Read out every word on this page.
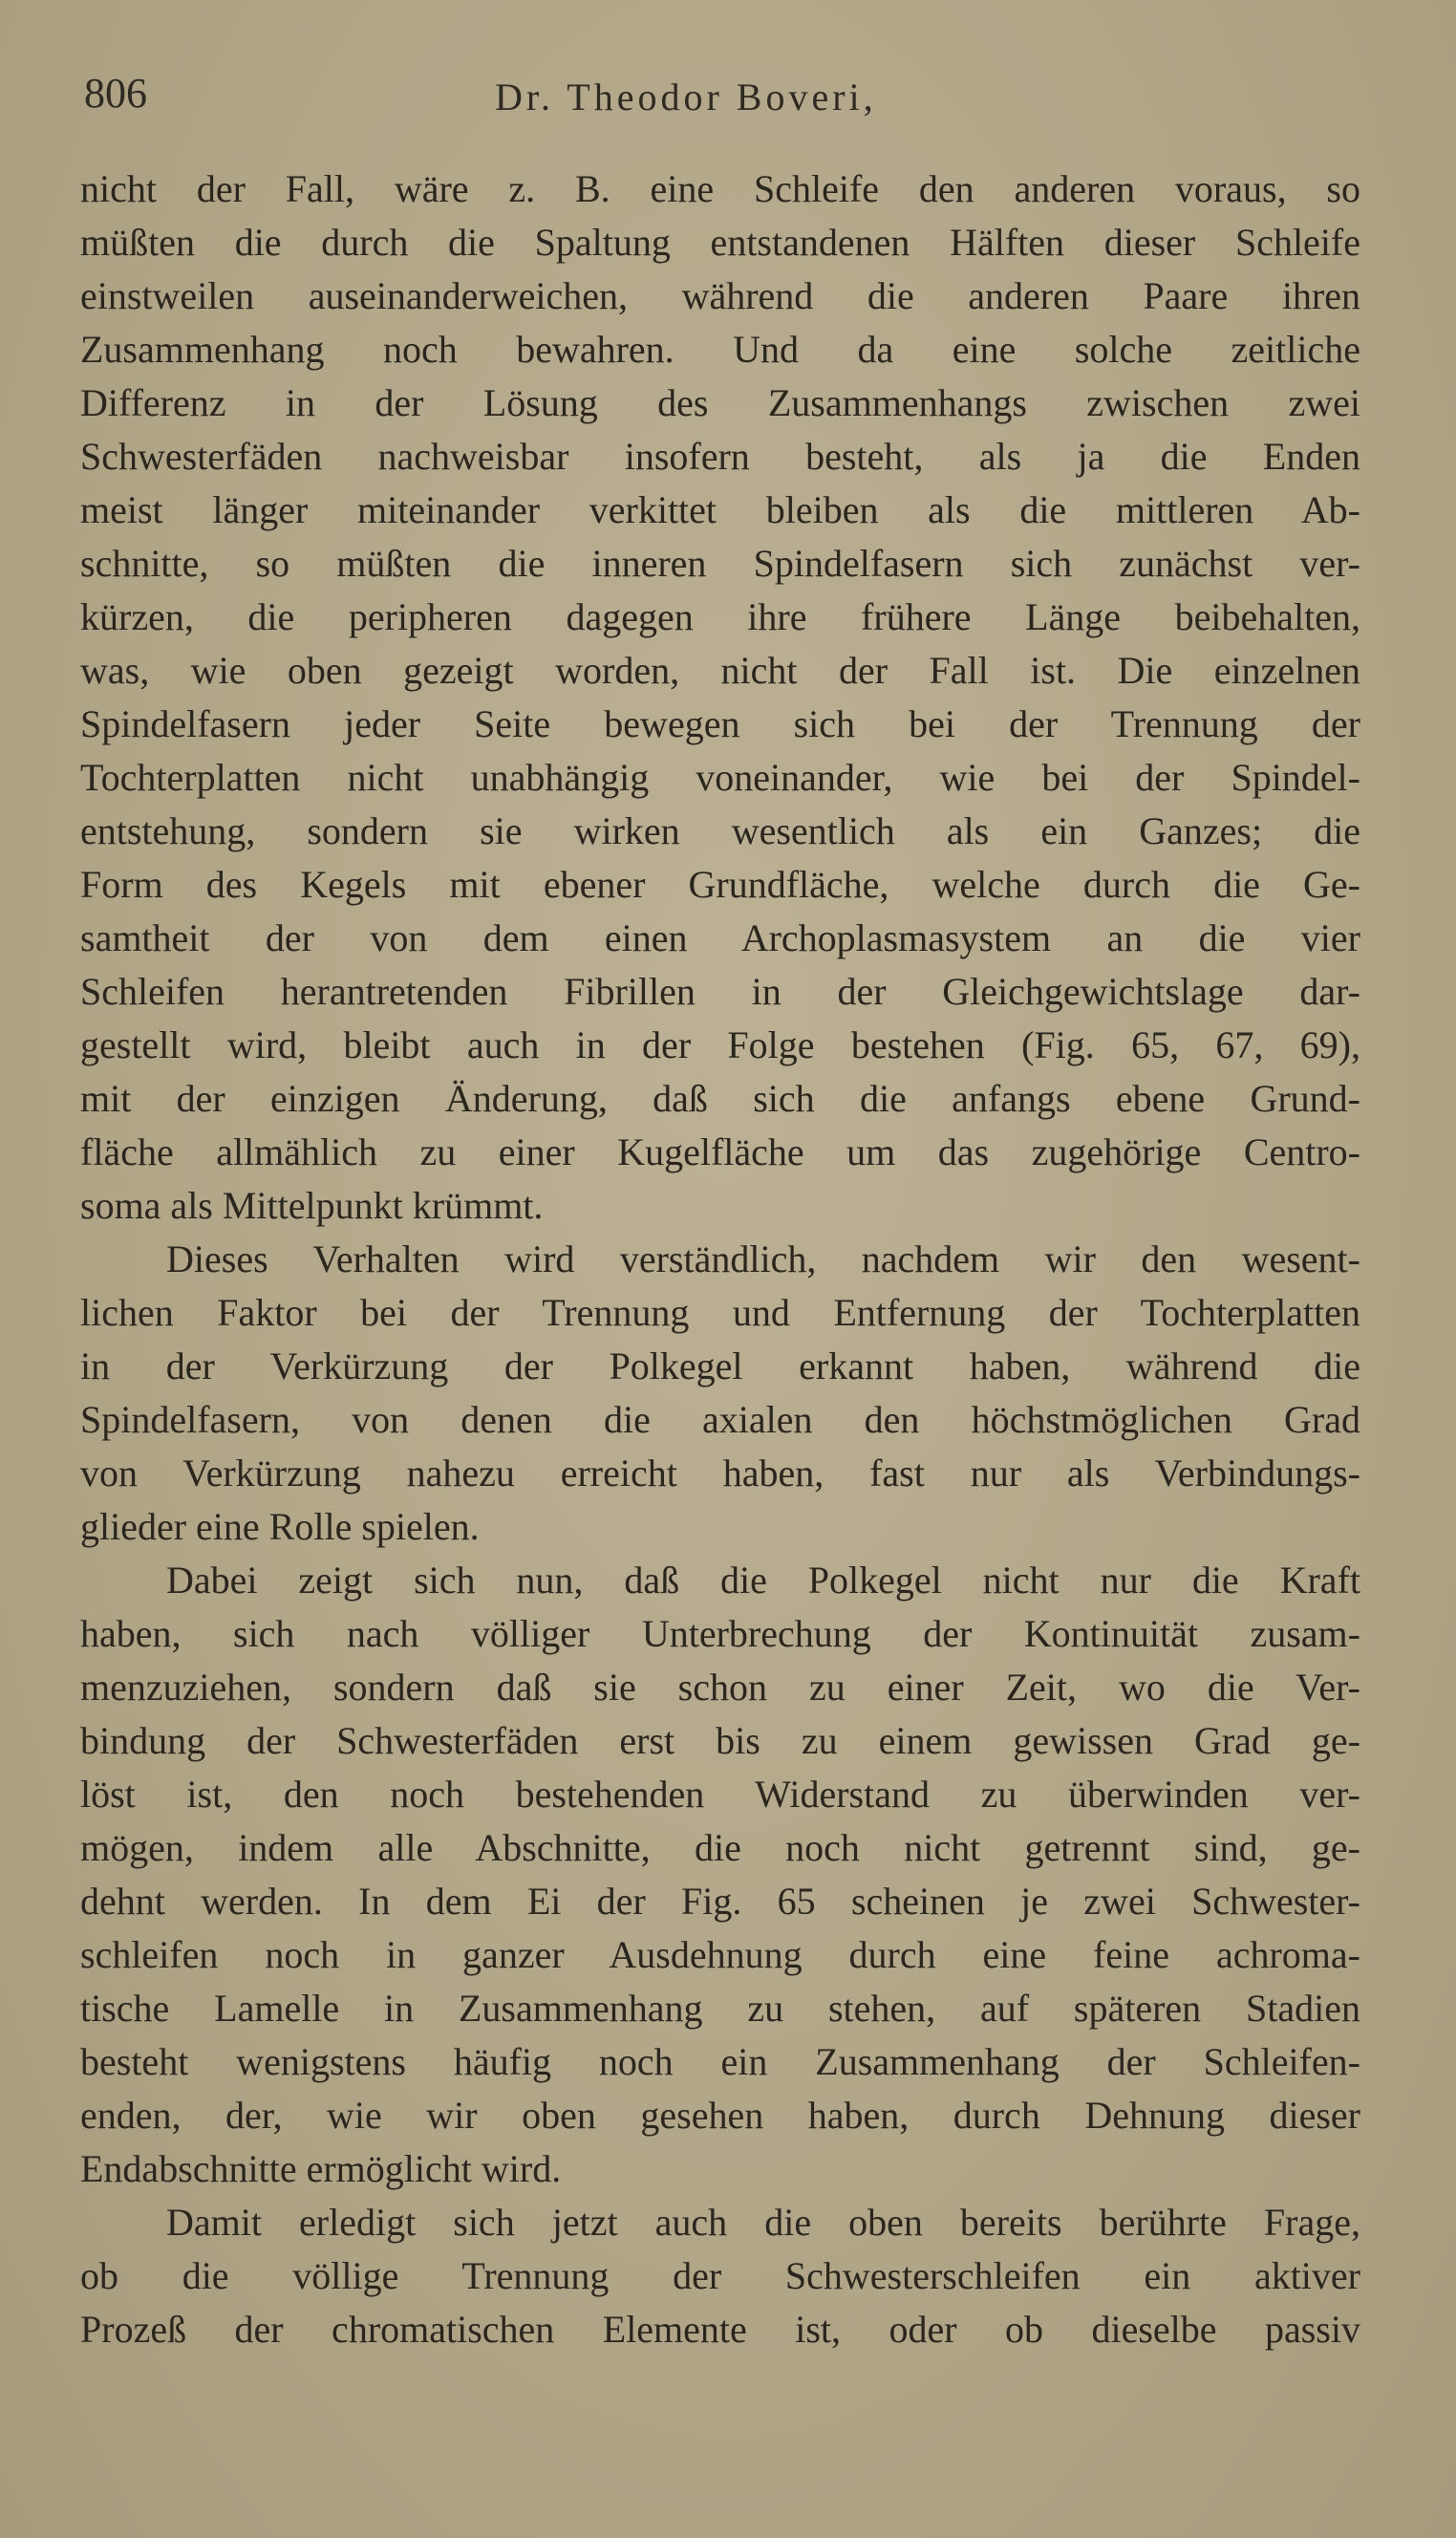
806	Dr. Theodor Boveri,
nicht der Fall, wäre z. B. eine Schleife den anderen voraus, so
müßten die durch die Spaltung entstandenen Hälften dieser Schleife
einstweilen auseinanderweichen, während die anderen Paare ihren
Zusammenhang noch bewahren. Und da eine solche zeitliche
Differenz in der Lösung des Zusammenhangs zwischen zwei
Schwesterfäden nachweisbar insofern besteht, als ja die Enden
meist länger miteinander verkittet bleiben als die mittleren Ab-
schnitte, so müßten die inneren Spindelfasern sich zunächst ver-
kürzen, die peripheren dagegen ihre frühere Länge beibehalten,
was, wie oben gezeigt worden, nicht der Fall ist. Die einzelnen
Spindelfasern jeder Seite bewegen sich bei der Trennung der
Tochterplatten nicht unabhängig voneinander, wie bei der Spindel-
entstehung, sondern sie wirken wesentlich als ein Ganzes; die
Form des Kegels mit ebener Grundfläche, welche durch die Ge-
samtheit der von dem einen Archoplasmasystem an die vier
Schleifen herantretenden Fibrillen in der Gleichgewichtslage dar-
gestellt wird, bleibt auch in der Folge bestehen (Fig. 65, 67, 69),
mit der einzigen Änderung, daß sich die anfangs ebene Grund-
fläche allmählich zu einer Kugelfläche um das zugehörige Centro-
soma als Mittelpunkt krümmt.
Dieses Verhalten wird verständlich, nachdem wir den wesent-
lichen Faktor bei der Trennung und Entfernung der Tochterplatten
in der Verkürzung der Polkegel erkannt haben, während die
Spindelfasern, von denen die axialen den höchstmöglichen Grad
von Verkürzung nahezu erreicht haben, fast nur als Verbindungs-
glieder eine Rolle spielen.
Dabei zeigt sich nun, daß die Polkegel nicht nur die Kraft
haben, sich nach völliger Unterbrechung der Kontinuität zusam-
menzuziehen, sondern daß sie schon zu einer Zeit, wo die Ver-
bindung der Schwesterfäden erst bis zu einem gewissen Grad ge-
löst ist, den noch bestehenden Widerstand zu überwinden ver-
mögen, indem alle Abschnitte, die noch nicht getrennt sind, ge-
dehnt werden. In dem Ei der Fig. 65 scheinen je zwei Schwester-
schleifen noch in ganzer Ausdehnung durch eine feine achroma-
tische Lamelle in Zusammenhang zu stehen, auf späteren Stadien
besteht wenigstens häufig noch ein Zusammenhang der Schleifen-
enden, der, wie wir oben gesehen haben, durch Dehnung dieser
Endabschnitte ermöglicht wird.
Damit erledigt sich jetzt auch die oben bereits berührte Frage,
ob die völlige Trennung der Schwesterschleifen ein aktiver
Prozeß der chromatischen Elemente ist, oder ob dieselbe passiv
